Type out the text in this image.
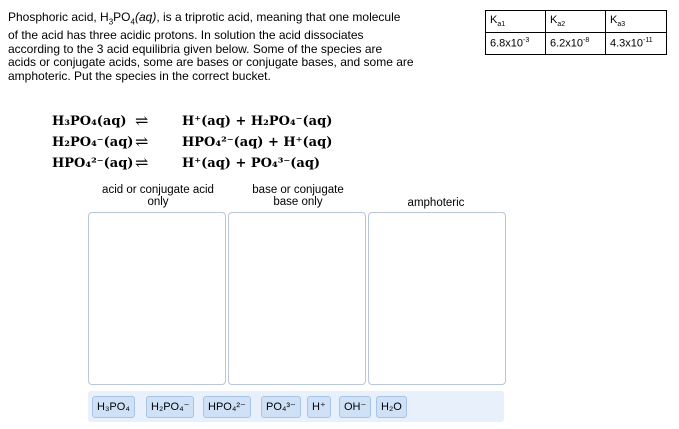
Phosphoric acid, $H_3PO_4(aq)$, is a triprotic acid, meaning that one molecule
of the acid has three acidic protons. In solution the acid dissociates
according to the 3 acid equilibria given below. Some of the species are
acids or conjugate acids, some are bases or conjugate bases, and some are
amphoteric. Put the species in the correct bucket.
$K_{a1}$	$K_{a2}$	$K_{a3}$
$6.8x10^{-3}$	$6.2x10^{-8}$	$4.3x10^{-11}$
H₃PO₄(aq) ⇌	H⁺(aq) + H₂PO₄⁻(aq)
H₂PO₄⁻(aq) ⇌	HPO₄²⁻(aq) + H⁺(aq)
HPO₄²⁻(aq) ⇌	H⁺(aq) + PO₄³⁻(aq)
acid or conjugate acid
only
base or conjugate
base only	amphoteric
H₃PO₄	H₂PO₄⁻	HPO₄²⁻	PO₄³⁻	H⁺	OH⁻	H₂O
